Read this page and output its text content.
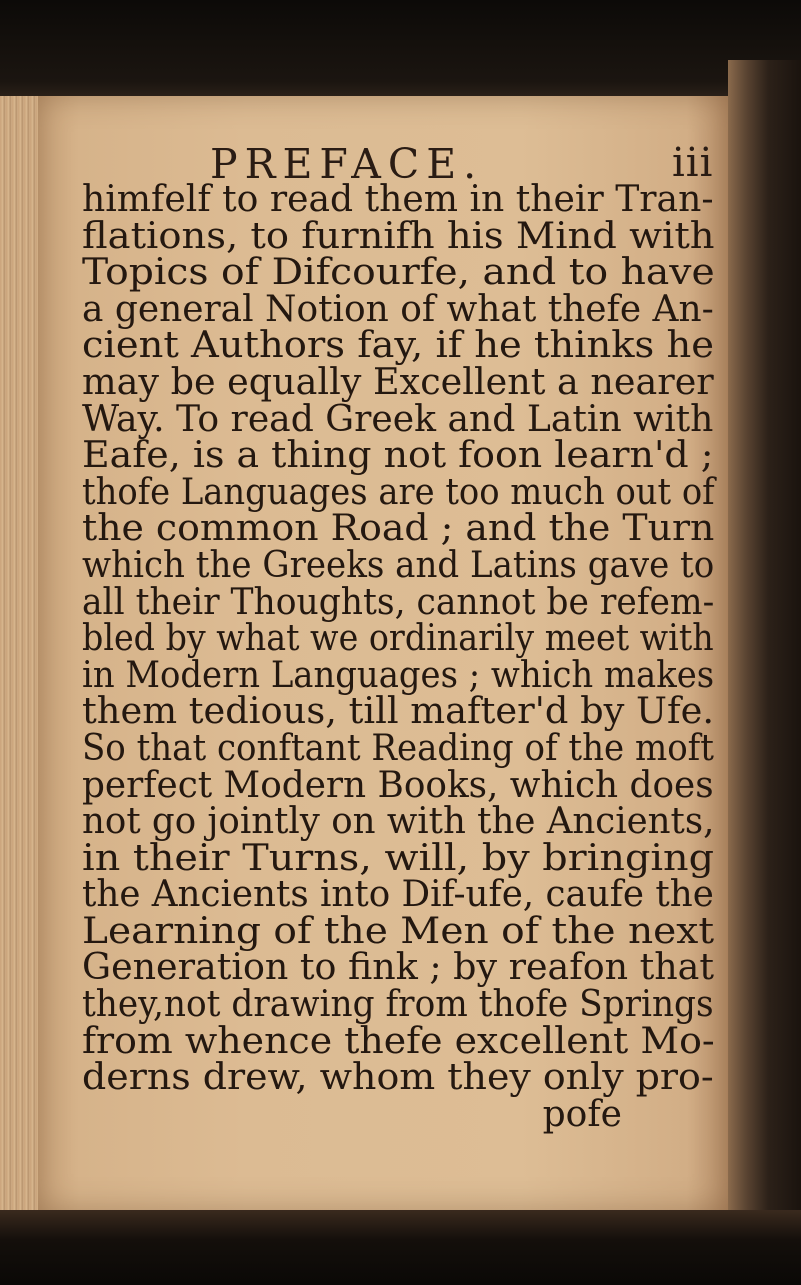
PREFACE.	iii
himfelf to read them in their Tran-
flations, to furnifh his Mind with
Topics of Difcourfe, and to have
a general Notion of what thefe An-
cient Authors fay, if he thinks he
may be equally Excellent a nearer
Way. To read Greek and Latin with
Eafe, is a thing not foon learn'd ;
thofe Languages are too much out of
the common Road ; and the Turn
which the Greeks and Latins gave to
all their Thoughts, cannot be refem-
bled by what we ordinarily meet with
in Modern Languages ; which makes
them tedious, till mafter'd by Ufe.
So that conftant Reading of the moft
perfect Modern Books, which does
not go jointly on with the Ancients,
in their Turns, will, by bringing
the Ancients into Dif-ufe, caufe the
Learning of the Men of the next
Generation to fink ; by reafon that
they,not drawing from thofe Springs
from whence thefe excellent Mo-
derns drew, whom they only pro-
pofe
